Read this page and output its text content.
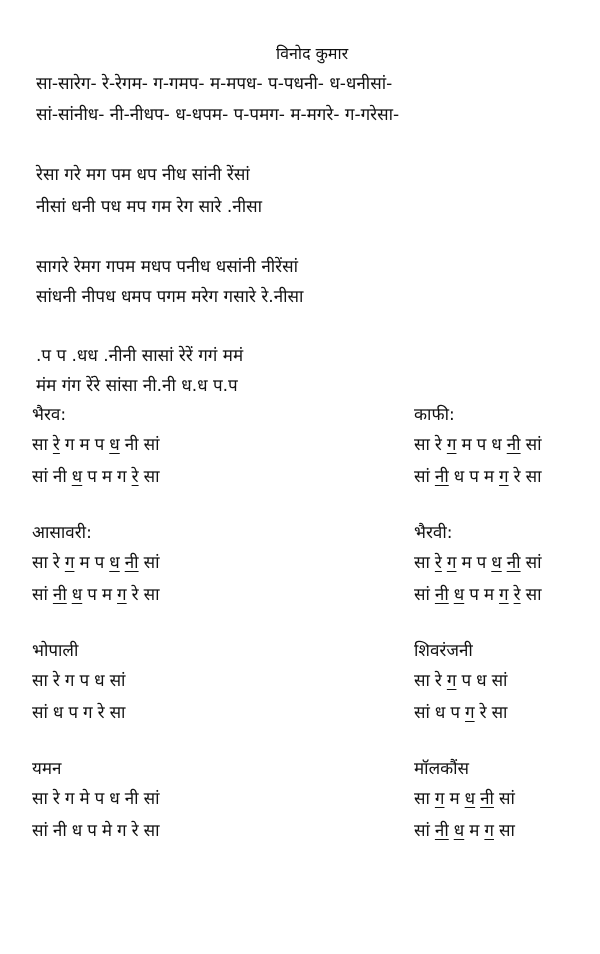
विनोद कुमार
सा-सारेग- रे-रेगम- ग-गमप- म-मपध- प-पधनी- ध-धनीसां-
सां-सांनीध- नी-नीधप- ध-धपम- प-पमग- म-मगरे- ग-गरेसा-
रेसा गरे मग पम धप नीध सांनी रेंसां
नीसां धनी पध मप गम रेग सारे .नीसा
सागरे रेमग गपम मधप पनीध धसांनी नीरेंसां
सांधनी नीपध धमप पगम मरेग गसारे रे.नीसा
.प प .धध .नीनी सासां रेरें गगं ममं
मंम गंग रेंरे सांसा नी.नी ध.ध प.प
भैरव:
सा रे ग म प ध नी सां
सां नी ध प म ग रे सा
आसावरी:
सा रे ग म प ध नी सां
सां नी ध प म ग रे सा
भोपाली
सा रे ग प ध सां
सां ध प ग रे सा
यमन
सा रे ग मे प ध नी सां
सां नी ध प मे ग रे सा
काफी:
सा रे ग म प ध नी सां
सां नी ध प म ग रे सा
भैरवी:
सा रे ग म प ध नी सां
सां नी ध प म ग रे सा
शिवरंजनी
सा रे ग प ध सां
सां ध प ग रे सा
मॉलकौंस
सा ग म ध नी सां
सां नी ध म ग सा
